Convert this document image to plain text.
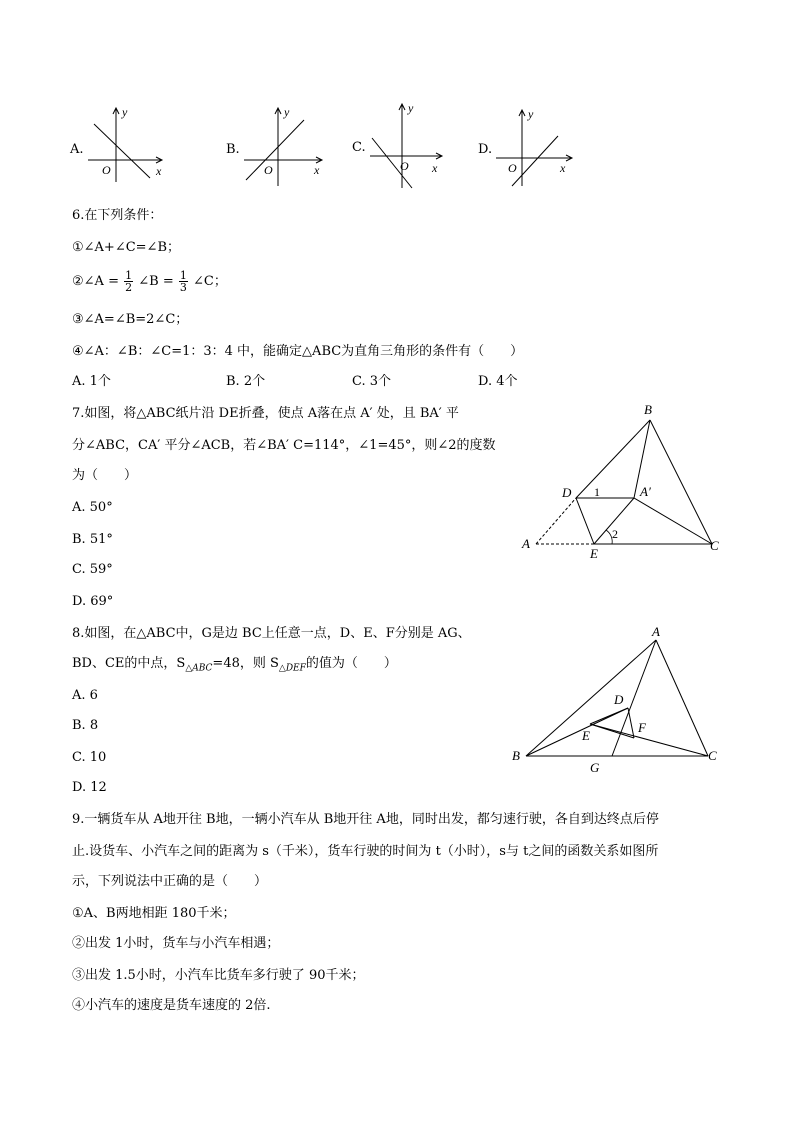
A.
y
x
O
B.
y
x
O
C.
y
x
O
D.
y
x
O
6.在下列条件：
①∠A+∠C=∠B；
②∠A = $\frac{1}{2}$ ∠B = $\frac{1}{3}$ ∠C；
③∠A=∠B=2∠C；
④∠A：∠B：∠C=1：3：4 中，能确定△ABC为直角三角形的条件有（　　）
A. 1个	B. 2个	C. 3个	D. 4个
7.如图，将△ABC纸片沿 DE折叠，使点 A落在点 A′ 处，且 BA′ 平
分∠ABC，CA′ 平分∠ACB，若∠BA′ C=114°，∠1=45°，则∠2的度数
为（　　）
A. 50°
B. 51°
C. 59°
D. 69°
B
D 1	A′
2
A
E
C
8.如图，在△ABC中，G是边 BC上任意一点，D、E、F分别是 AG、
BD、CE的中点，$S_{\triangle ABC}=48$，则 $S_{\triangle DEF}$的值为（　　）
A. 6
B. 8
C. 10
D. 12
A
D
F
E
B
G
C
9.一辆货车从 A地开往 B地，一辆小汽车从 B地开往 A地，同时出发，都匀速行驶，各自到达终点后停
止.设货车、小汽车之间的距离为 s（千米），货车行驶的时间为 t（小时），s与 t之间的函数关系如图所
示，下列说法中正确的是（　　）
①A、B两地相距 180千米；
②出发 1小时，货车与小汽车相遇；
③出发 1.5小时，小汽车比货车多行驶了 90千米；
④小汽车的速度是货车速度的 2倍.
